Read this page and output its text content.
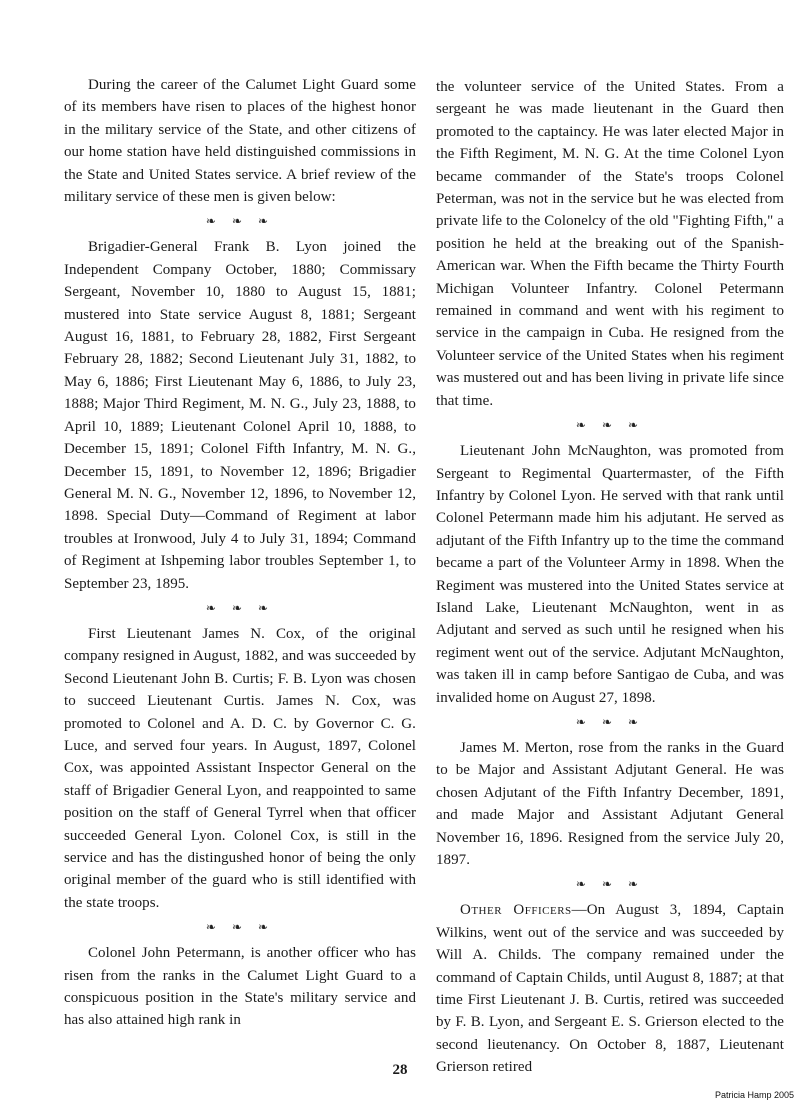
During the career of the Calumet Light Guard some of its members have risen to places of the highest honor in the military service of the State, and other citizens of our home station have held distinguished commissions in the State and United States service. A brief review of the military service of these men is given below:

❧ ❧ ❧

Brigadier-General Frank B. Lyon joined the Independent Company October, 1880; Commissary Sergeant, November 10, 1880 to August 15, 1881; mustered into State service August 8, 1881; Sergeant August 16, 1881, to February 28, 1882, First Sergeant February 28, 1882; Second Lieutenant July 31, 1882, to May 6, 1886; First Lieutenant May 6, 1886, to July 23, 1888; Major Third Regiment, M. N. G., July 23, 1888, to April 10, 1889; Lieutenant Colonel April 10, 1888, to December 15, 1891; Colonel Fifth Infantry, M. N. G., December 15, 1891, to November 12, 1896; Brigadier General M. N. G., November 12, 1896, to November 12, 1898. Special Duty—Command of Regiment at labor troubles at Ironwood, July 4 to July 31, 1894; Command of Regiment at Ishpeming labor troubles September 1, to September 23, 1895.

❧ ❧ ❧

First Lieutenant James N. Cox, of the original company resigned in August, 1882, and was succeeded by Second Lieutenant John B. Curtis; F. B. Lyon was chosen to succeed Lieutenant Curtis. James N. Cox, was promoted to Colonel and A. D. C. by Governor C. G. Luce, and served four years. In August, 1897, Colonel Cox, was appointed Assistant Inspector General on the staff of Brigadier General Lyon, and reappointed to same position on the staff of General Tyrrel when that officer succeeded General Lyon. Colonel Cox, is still in the service and has the distingushed honor of being the only original member of the guard who is still identified with the state troops.

❧ ❧ ❧

Colonel John Petermann, is another officer who has risen from the ranks in the Calumet Light Guard to a conspicuous position in the State's military service and has also attained high rank in

the volunteer service of the United States. From a sergeant he was made lieutenant in the Guard then promoted to the captaincy. He was later elected Major in the Fifth Regiment, M. N. G. At the time Colonel Lyon became commander of the State's troops Colonel Peterman, was not in the service but he was elected from private life to the Colonelcy of the old "Fighting Fifth," a position he held at the breaking out of the Spanish-American war. When the Fifth became the Thirty Fourth Michigan Volunteer Infantry. Colonel Petermann remained in command and went with his regiment to service in the campaign in Cuba. He resigned from the Volunteer service of the United States when his regiment was mustered out and has been living in private life since that time.

❧ ❧ ❧

Lieutenant John McNaughton, was promoted from Sergeant to Regimental Quartermaster, of the Fifth Infantry by Colonel Lyon. He served with that rank until Colonel Petermann made him his adjutant. He served as adjutant of the Fifth Infantry up to the time the command became a part of the Volunteer Army in 1898. When the Regiment was mustered into the United States service at Island Lake, Lieutenant McNaughton, went in as Adjutant and served as such until he resigned when his regiment went out of the service. Adjutant McNaughton, was taken ill in camp before Santigao de Cuba, and was invalided home on August 27, 1898.

❧ ❧ ❧

James M. Merton, rose from the ranks in the Guard to be Major and Assistant Adjutant General. He was chosen Adjutant of the Fifth Infantry December, 1891, and made Major and Assistant Adjutant General November 16, 1896. Resigned from the service July 20, 1897.

❧ ❧ ❧

Other Officers—On August 3, 1894, Captain Wilkins, went out of the service and was succeeded by Will A. Childs. The company remained under the command of Captain Childs, until August 8, 1887; at that time First Lieutenant J. B. Curtis, retired was succeeded by F. B. Lyon, and Sergeant E. S. Grierson elected to the second lieutenancy. On October 8, 1887, Lieutenant Grierson retired

28
Patricia Hamp 2005
